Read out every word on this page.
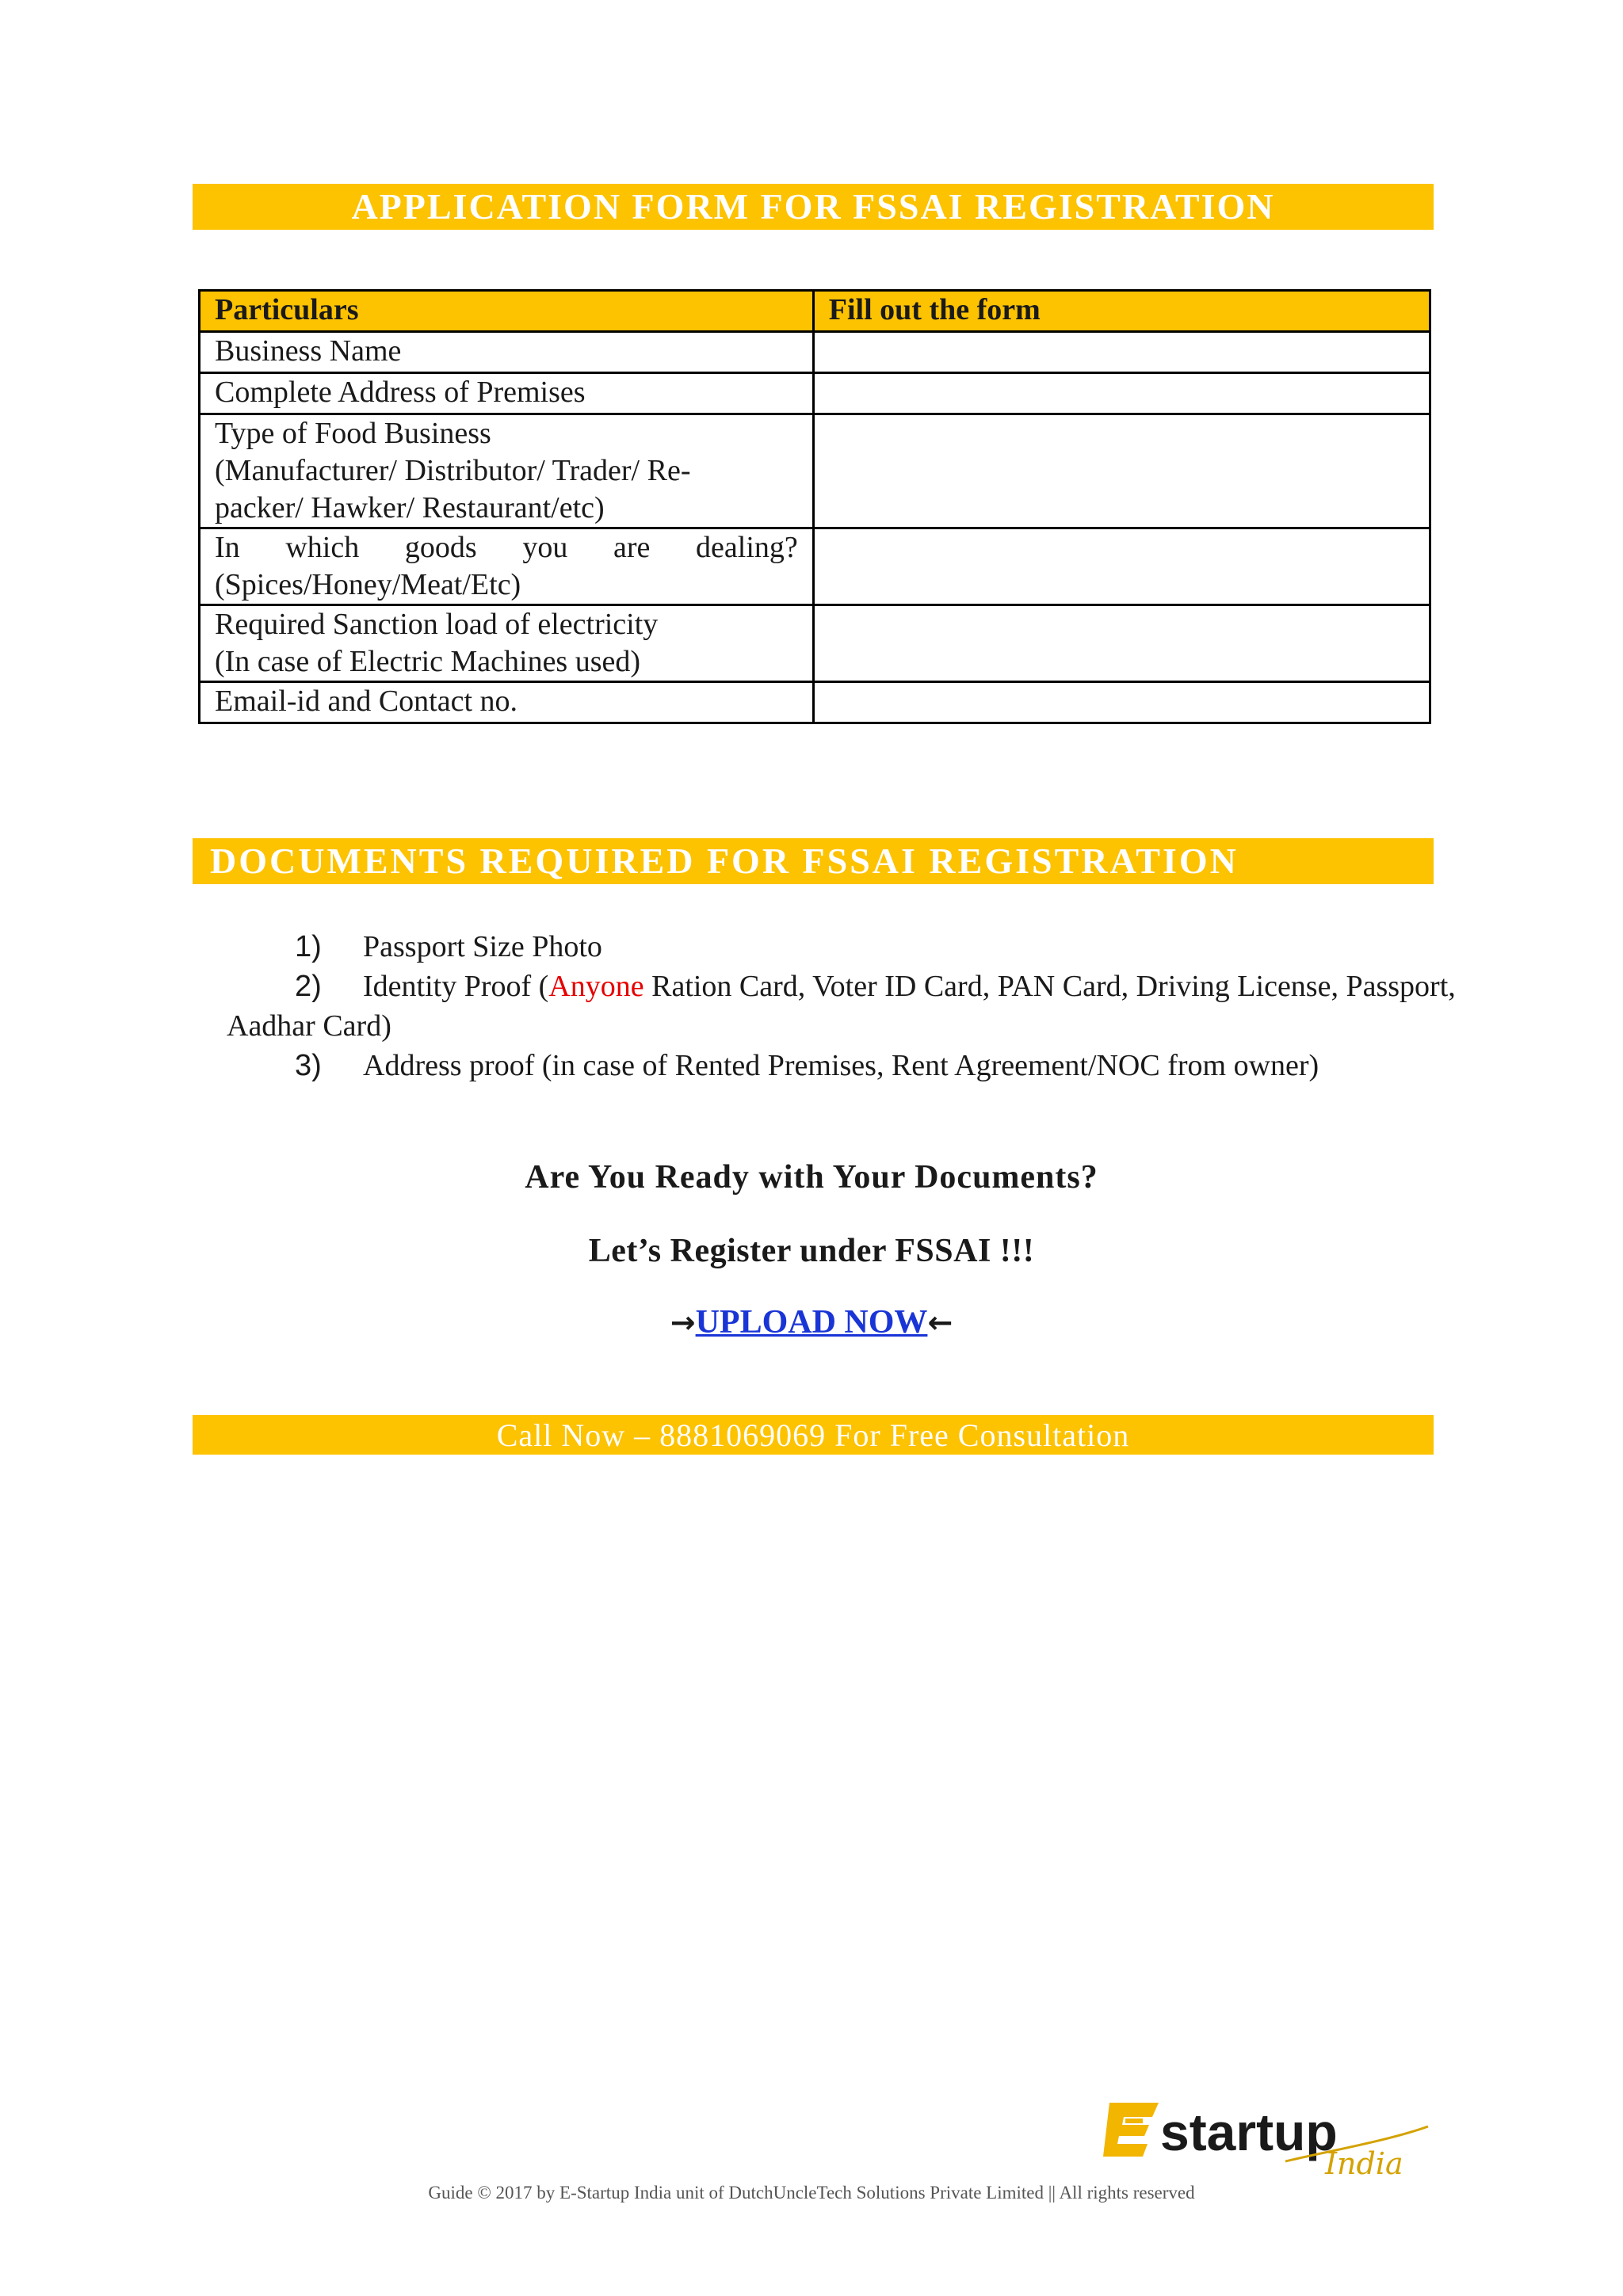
APPLICATION FORM FOR FSSAI REGISTRATION
Particulars	Fill out the form

Business Name	

Complete Address of Premises	

Type of Food Business
(Manufacturer/ Distributor/ Trader/ Re-
packer/ Hawker/ Restaurant/etc)	

In which goods you are dealing?
(Spices/Honey/Meat/Etc)	

Required Sanction load of electricity
(In case of Electric Machines used)	

Email-id and Contact no.	

DOCUMENTS REQUIRED FOR FSSAI REGISTRATION
1) Passport Size Photo
2) Identity Proof (Anyone Ration Card, Voter ID Card, PAN Card, Driving License, Passport,
Aadhar Card)
3) Address proof (in case of Rented Premises, Rent Agreement/NOC from owner)
Are You Ready with Your Documents?
Let’s Register under FSSAI !!!
→UPLOAD NOW←
Call Now – 8881069069 For Free Consultation
startup
India
E
Guide © 2017 by E-Startup India unit of DutchUncleTech Solutions Private Limited || All rights reserved
